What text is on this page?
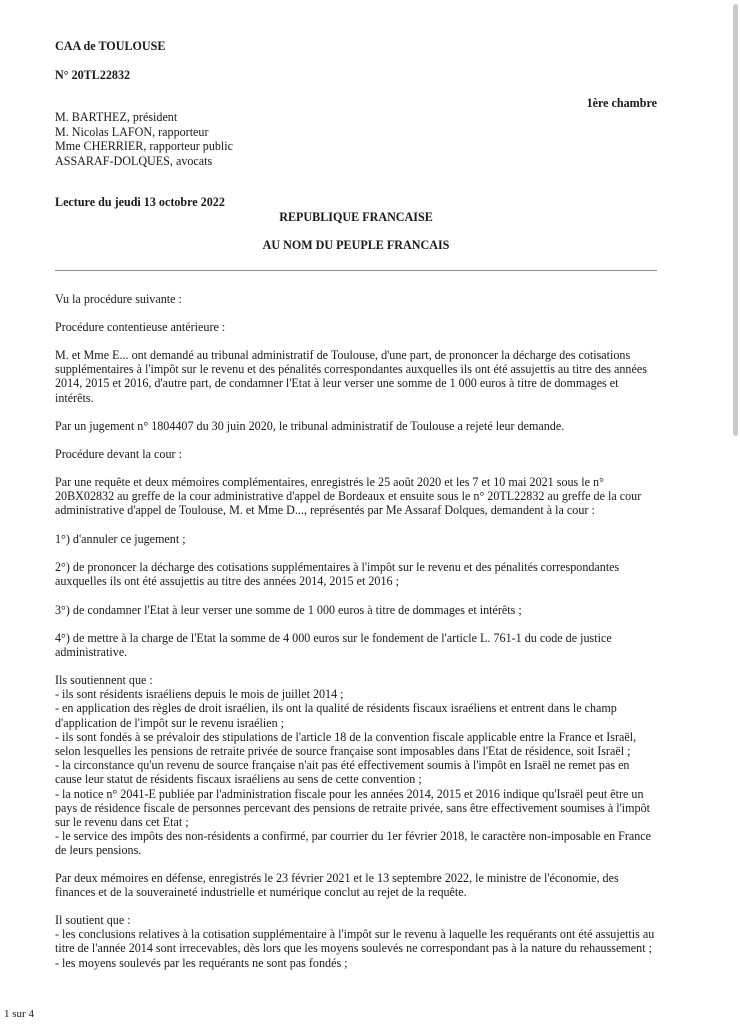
CAA de TOULOUSE
N° 20TL22832
1ère chambre
M. BARTHEZ, président
M. Nicolas LAFON, rapporteur
Mme CHERRIER, rapporteur public
ASSARAF-DOLQUES, avocats
Lecture du jeudi 13 octobre 2022
REPUBLIQUE FRANCAISE
AU NOM DU PEUPLE FRANCAIS

Vu la procédure suivante :

Procédure contentieuse antérieure :

M. et Mme E... ont demandé au tribunal administratif de Toulouse, d'une part, de prononcer la décharge des cotisations supplémentaires à l'impôt sur le revenu et des pénalités correspondantes auxquelles ils ont été assujettis au titre des années 2014, 2015 et 2016, d'autre part, de condamner l'Etat à leur verser une somme de 1 000 euros à titre de dommages et intérêts.

Par un jugement n° 1804407 du 30 juin 2020, le tribunal administratif de Toulouse a rejeté leur demande.

Procédure devant la cour :

Par une requête et deux mémoires complémentaires, enregistrés le 25 août 2020 et les 7 et 10 mai 2021 sous le n° 20BX02832 au greffe de la cour administrative d'appel de Bordeaux et ensuite sous le n° 20TL22832 au greffe de la cour administrative d'appel de Toulouse, M. et Mme D..., représentés par Me Assaraf Dolques, demandent à la cour :

1°) d'annuler ce jugement ;

2°) de prononcer la décharge des cotisations supplémentaires à l'impôt sur le revenu et des pénalités correspondantes auxquelles ils ont été assujettis au titre des années 2014, 2015 et 2016 ;

3°) de condamner l'Etat à leur verser une somme de 1 000 euros à titre de dommages et intérêts ;

4°) de mettre à la charge de l'Etat la somme de 4 000 euros sur le fondement de l'article L. 761-1 du code de justice administrative.

Ils soutiennent que :

- ils sont résidents israéliens depuis le mois de juillet 2014 ;

- en application des règles de droit israélien, ils ont la qualité de résidents fiscaux israéliens et entrent dans le champ d'application de l'impôt sur le revenu israélien ;

- ils sont fondés à se prévaloir des stipulations de l'article 18 de la convention fiscale applicable entre la France et Israël, selon lesquelles les pensions de retraite privée de source française sont imposables dans l'Etat de résidence, soit Israël ;

- la circonstance qu'un revenu de source française n'ait pas été effectivement soumis à l'impôt en Israël ne remet pas en cause leur statut de résidents fiscaux israéliens au sens de cette convention ;

- la notice n° 2041-E publiée par l'administration fiscale pour les années 2014, 2015 et 2016 indique qu'Israël peut être un pays de résidence fiscale de personnes percevant des pensions de retraite privée, sans être effectivement soumises à l'impôt sur le revenu dans cet Etat ;

- le service des impôts des non-résidents a confirmé, par courrier du 1er février 2018, le caractère non-imposable en France de leurs pensions.

Par deux mémoires en défense, enregistrés le 23 février 2021 et le 13 septembre 2022, le ministre de l'économie, des finances et de la souveraineté industrielle et numérique conclut au rejet de la requête.

Il soutient que :

- les conclusions relatives à la cotisation supplémentaire à l'impôt sur le revenu à laquelle les requérants ont été assujettis au titre de l'année 2014 sont irrecevables, dès lors que les moyens soulevés ne correspondant pas à la nature du rehaussement ;

- les moyens soulevés par les requérants ne sont pas fondés ;

1 sur 4
